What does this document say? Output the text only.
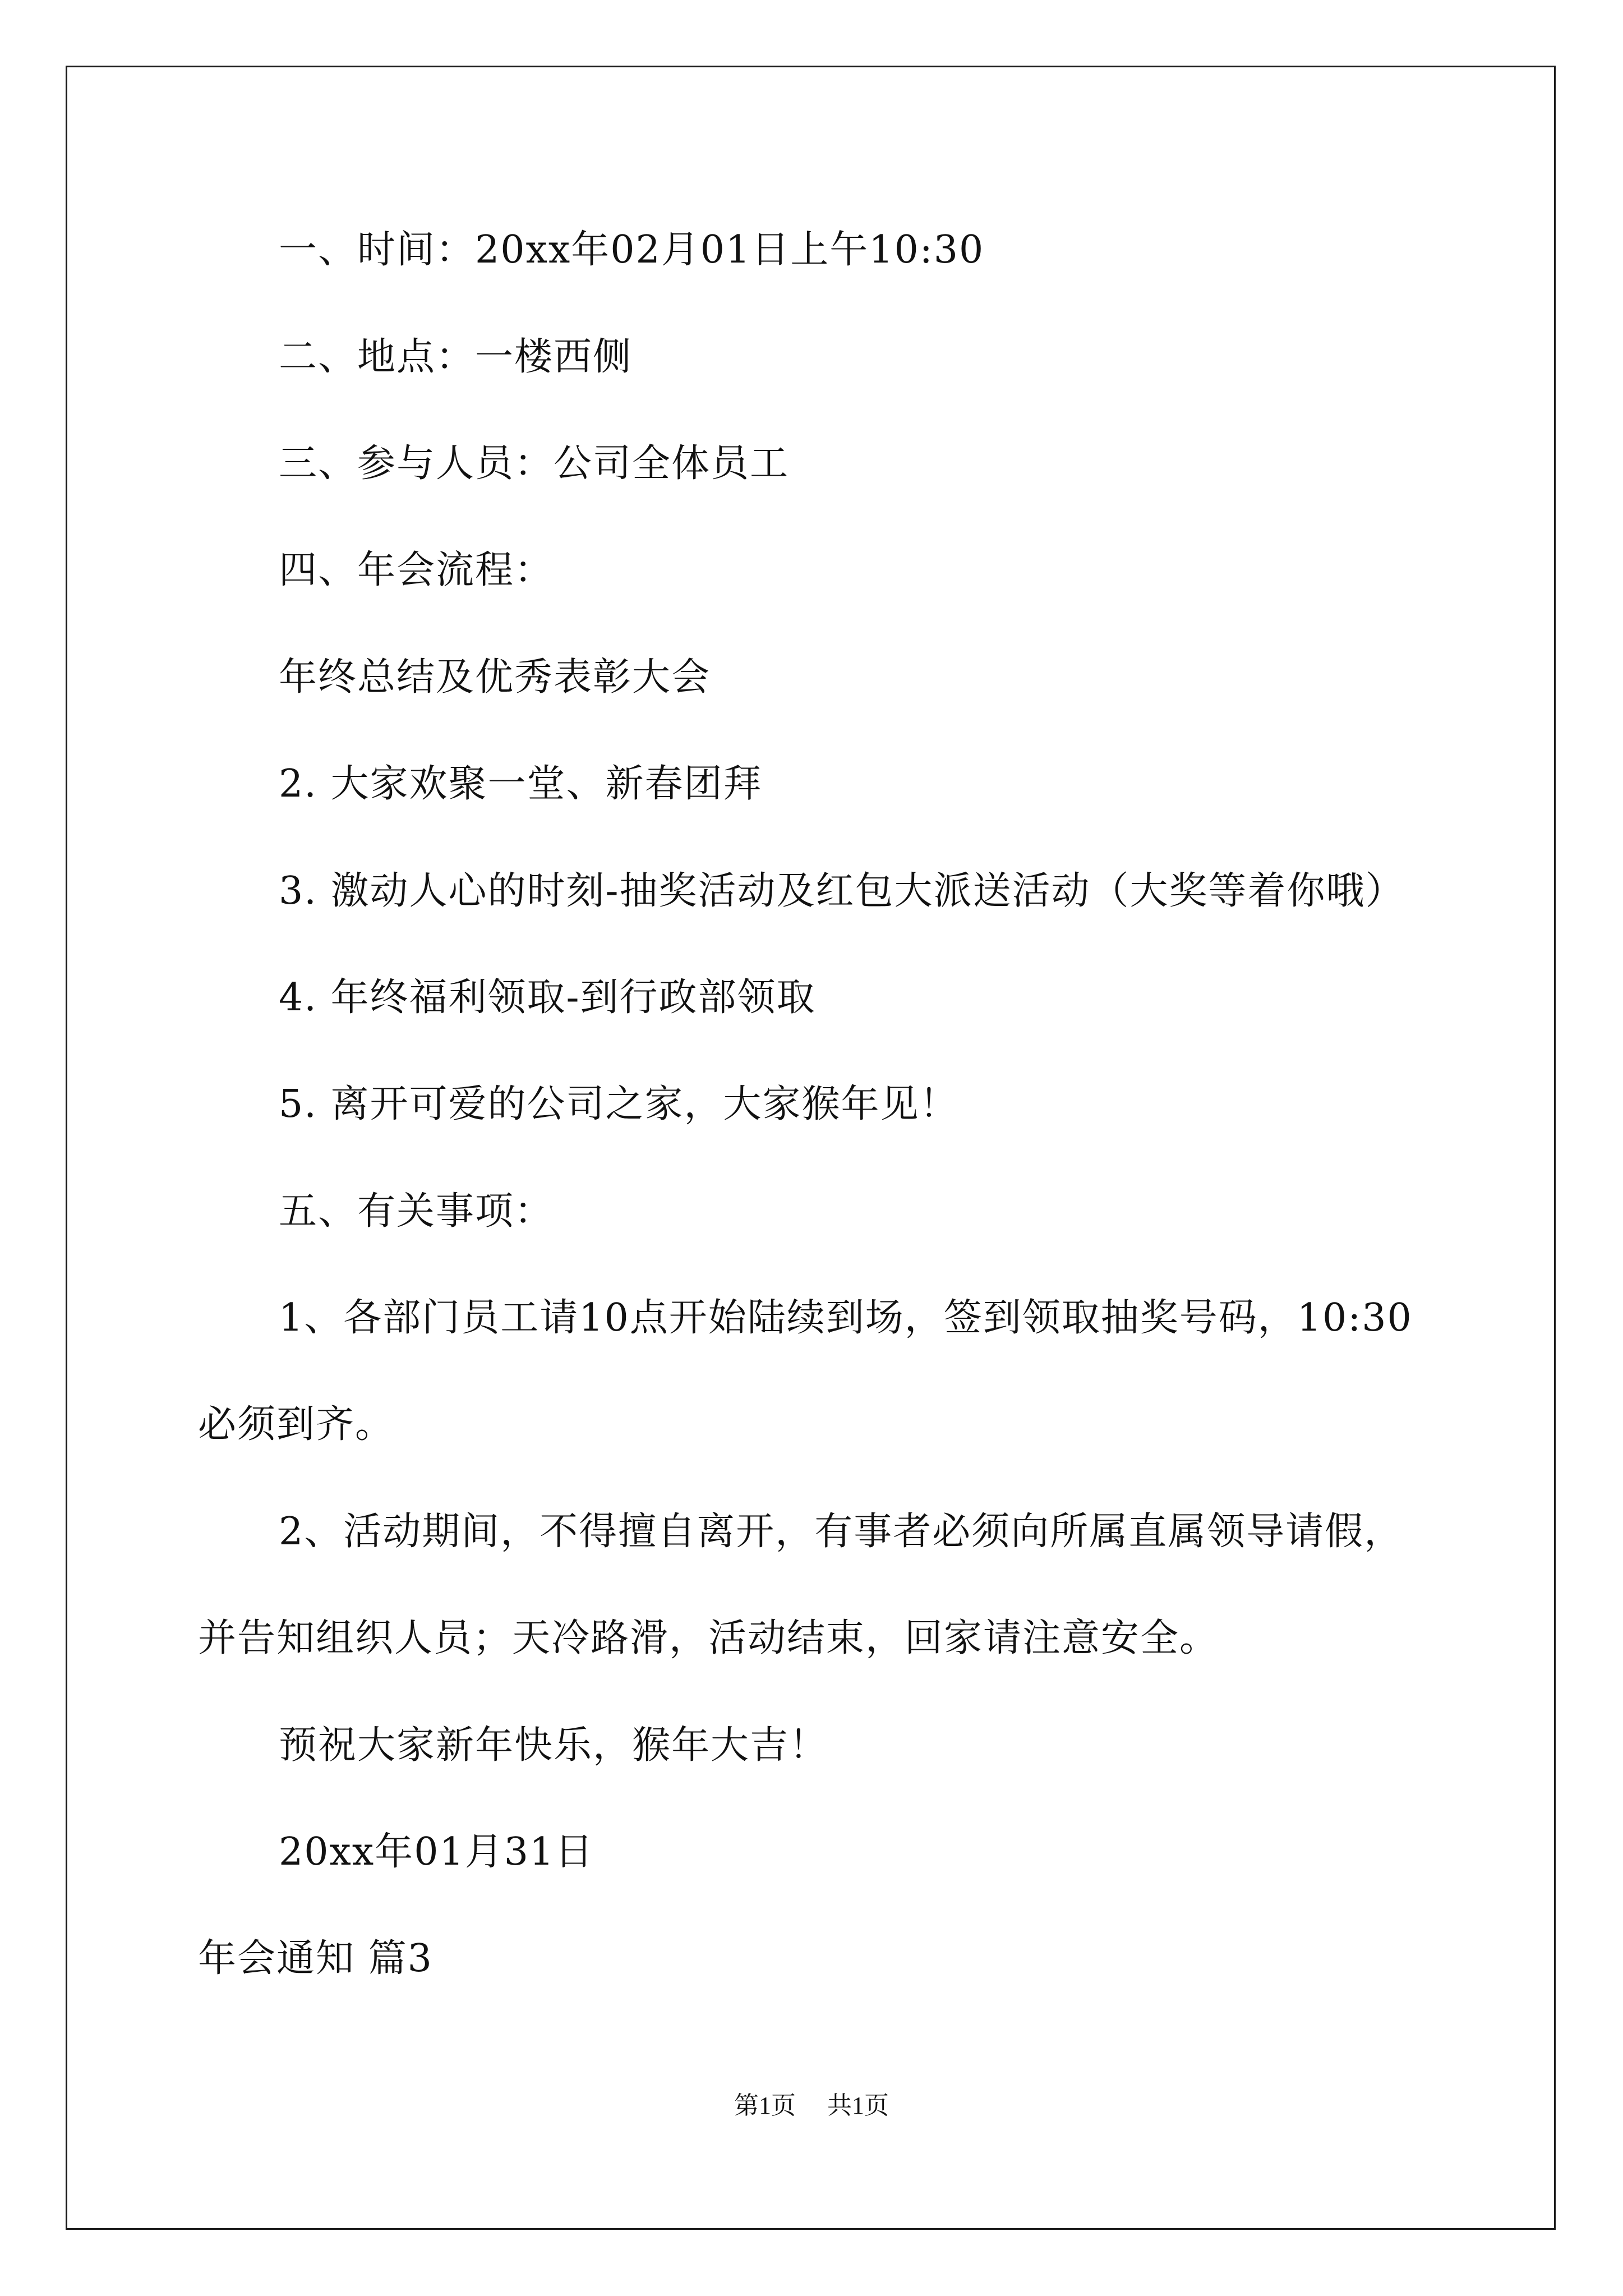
一、时间：20xx年02月01日上午10:30
二、地点：一楼西侧
三、参与人员：公司全体员工
四、年会流程：
年终总结及优秀表彰大会
2. 大家欢聚一堂、新春团拜
3. 激动人心的时刻-抽奖活动及红包大派送活动（大奖等着你哦）
4. 年终福利领取-到行政部领取
5. 离开可爱的公司之家，大家猴年见！
五、有关事项：
1、各部门员工请10点开始陆续到场，签到领取抽奖号码，10:30
必须到齐。
2、活动期间，不得擅自离开，有事者必须向所属直属领导请假，
并告知组织人员；天冷路滑，活动结束，回家请注意安全。
预祝大家新年快乐，猴年大吉！
20xx年01月31日
年会通知 篇3
第1页 共1页
